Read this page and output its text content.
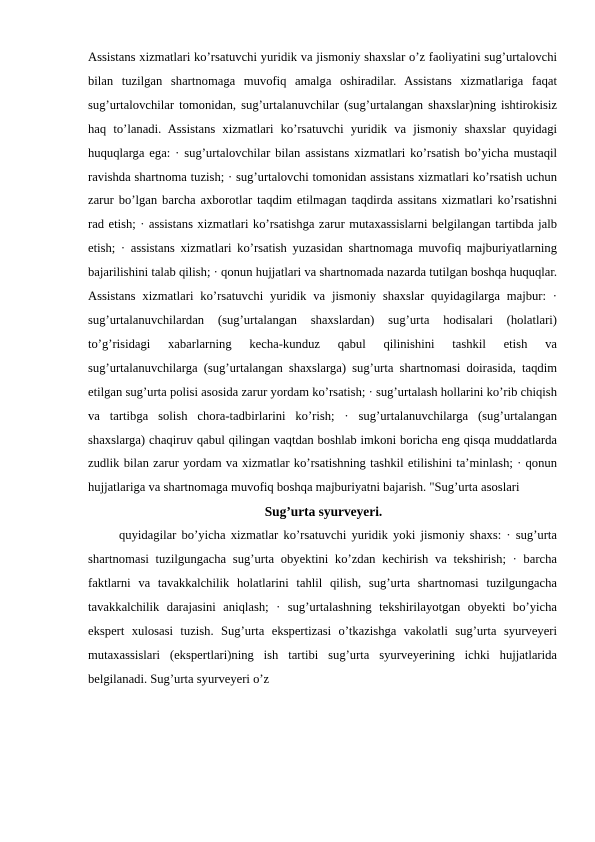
Assistans xizmatlari ko’rsatuvchi yuridik va jismoniy shaxslar o’z faoliyatini sug’urtalovchi bilan tuzilgan shartnomaga muvofiq amalga oshiradilar. Assistans xizmatlariga faqat sug’urtalovchilar tomonidan, sug’urtalanuvchilar (sug’urtalangan shaxslar)ning ishtirokisiz haq to’lanadi. Assistans xizmatlari ko’rsatuvchi yuridik va jismoniy shaxslar quyidagi huquqlarga ega: · sug’urtalovchilar bilan assistans xizmatlari ko’rsatish bo’yicha mustaqil ravishda shartnoma tuzish; · sug’urtalovchi tomonidan assistans xizmatlari ko’rsatish uchun zarur bo’lgan barcha axborotlar taqdim etilmagan taqdirda assitans xizmatlari ko’rsatishni rad etish; · assistans xizmatlari ko’rsatishga zarur mutaxassislarni belgilangan tartibda jalb etish; · assistans xizmatlari ko’rsatish yuzasidan shartnomaga muvofiq majburiyatlarning bajarilishini talab qilish; · qonun hujjatlari va shartnomada nazarda tutilgan boshqa huquqlar. Assistans xizmatlari ko’rsatuvchi yuridik va jismoniy shaxslar quyidagilarga majbur: · sug’urtalanuvchilardan (sug’urtalangan shaxslardan) sug’urta hodisalari (holatlari) to’g’risidagi xabarlarning kecha-kunduz qabul qilinishini tashkil etish va sug’urtalanuvchilarga (sug’urtalangan shaxslarga) sug’urta shartnomasi doirasida, taqdim etilgan sug’urta polisi asosida zarur yordam ko’rsatish; · sug’urtalash hollarini ko’rib chiqish va tartibga solish chora-tadbirlarini ko’rish; · sug’urtalanuvchilarga (sug’urtalangan shaxslarga) chaqiruv qabul qilingan vaqtdan boshlab imkoni boricha eng qisqa muddatlarda zudlik bilan zarur yordam va xizmatlar ko’rsatishning tashkil etilishini ta’minlash; · qonun hujjatlariga va shartnomaga muvofiq boshqa majburiyatni bajarish. "Sug’urta asoslari

Sug’urta syurveyeri.

quyidagilar bo’yicha xizmatlar ko’rsatuvchi yuridik yoki jismoniy shaxs: · sug’urta shartnomasi tuzilgungacha sug’urta obyektini ko’zdan kechirish va tekshirish; · barcha faktlarni va tavakkalchilik holatlarini tahlil qilish, sug’urta shartnomasi tuzilgungacha tavakkalchilik darajasini aniqlash; · sug’urtalashning tekshirilayotgan obyekti bo’yicha ekspert xulosasi tuzish. Sug’urta ekspertizasi o’tkazishga vakolatli sug’urta syurveyeri mutaxassislari (ekspertlari)ning ish tartibi sug’urta syurveyerining ichki hujjatlarida belgilanadi. Sug’urta syurveyeri o’z
